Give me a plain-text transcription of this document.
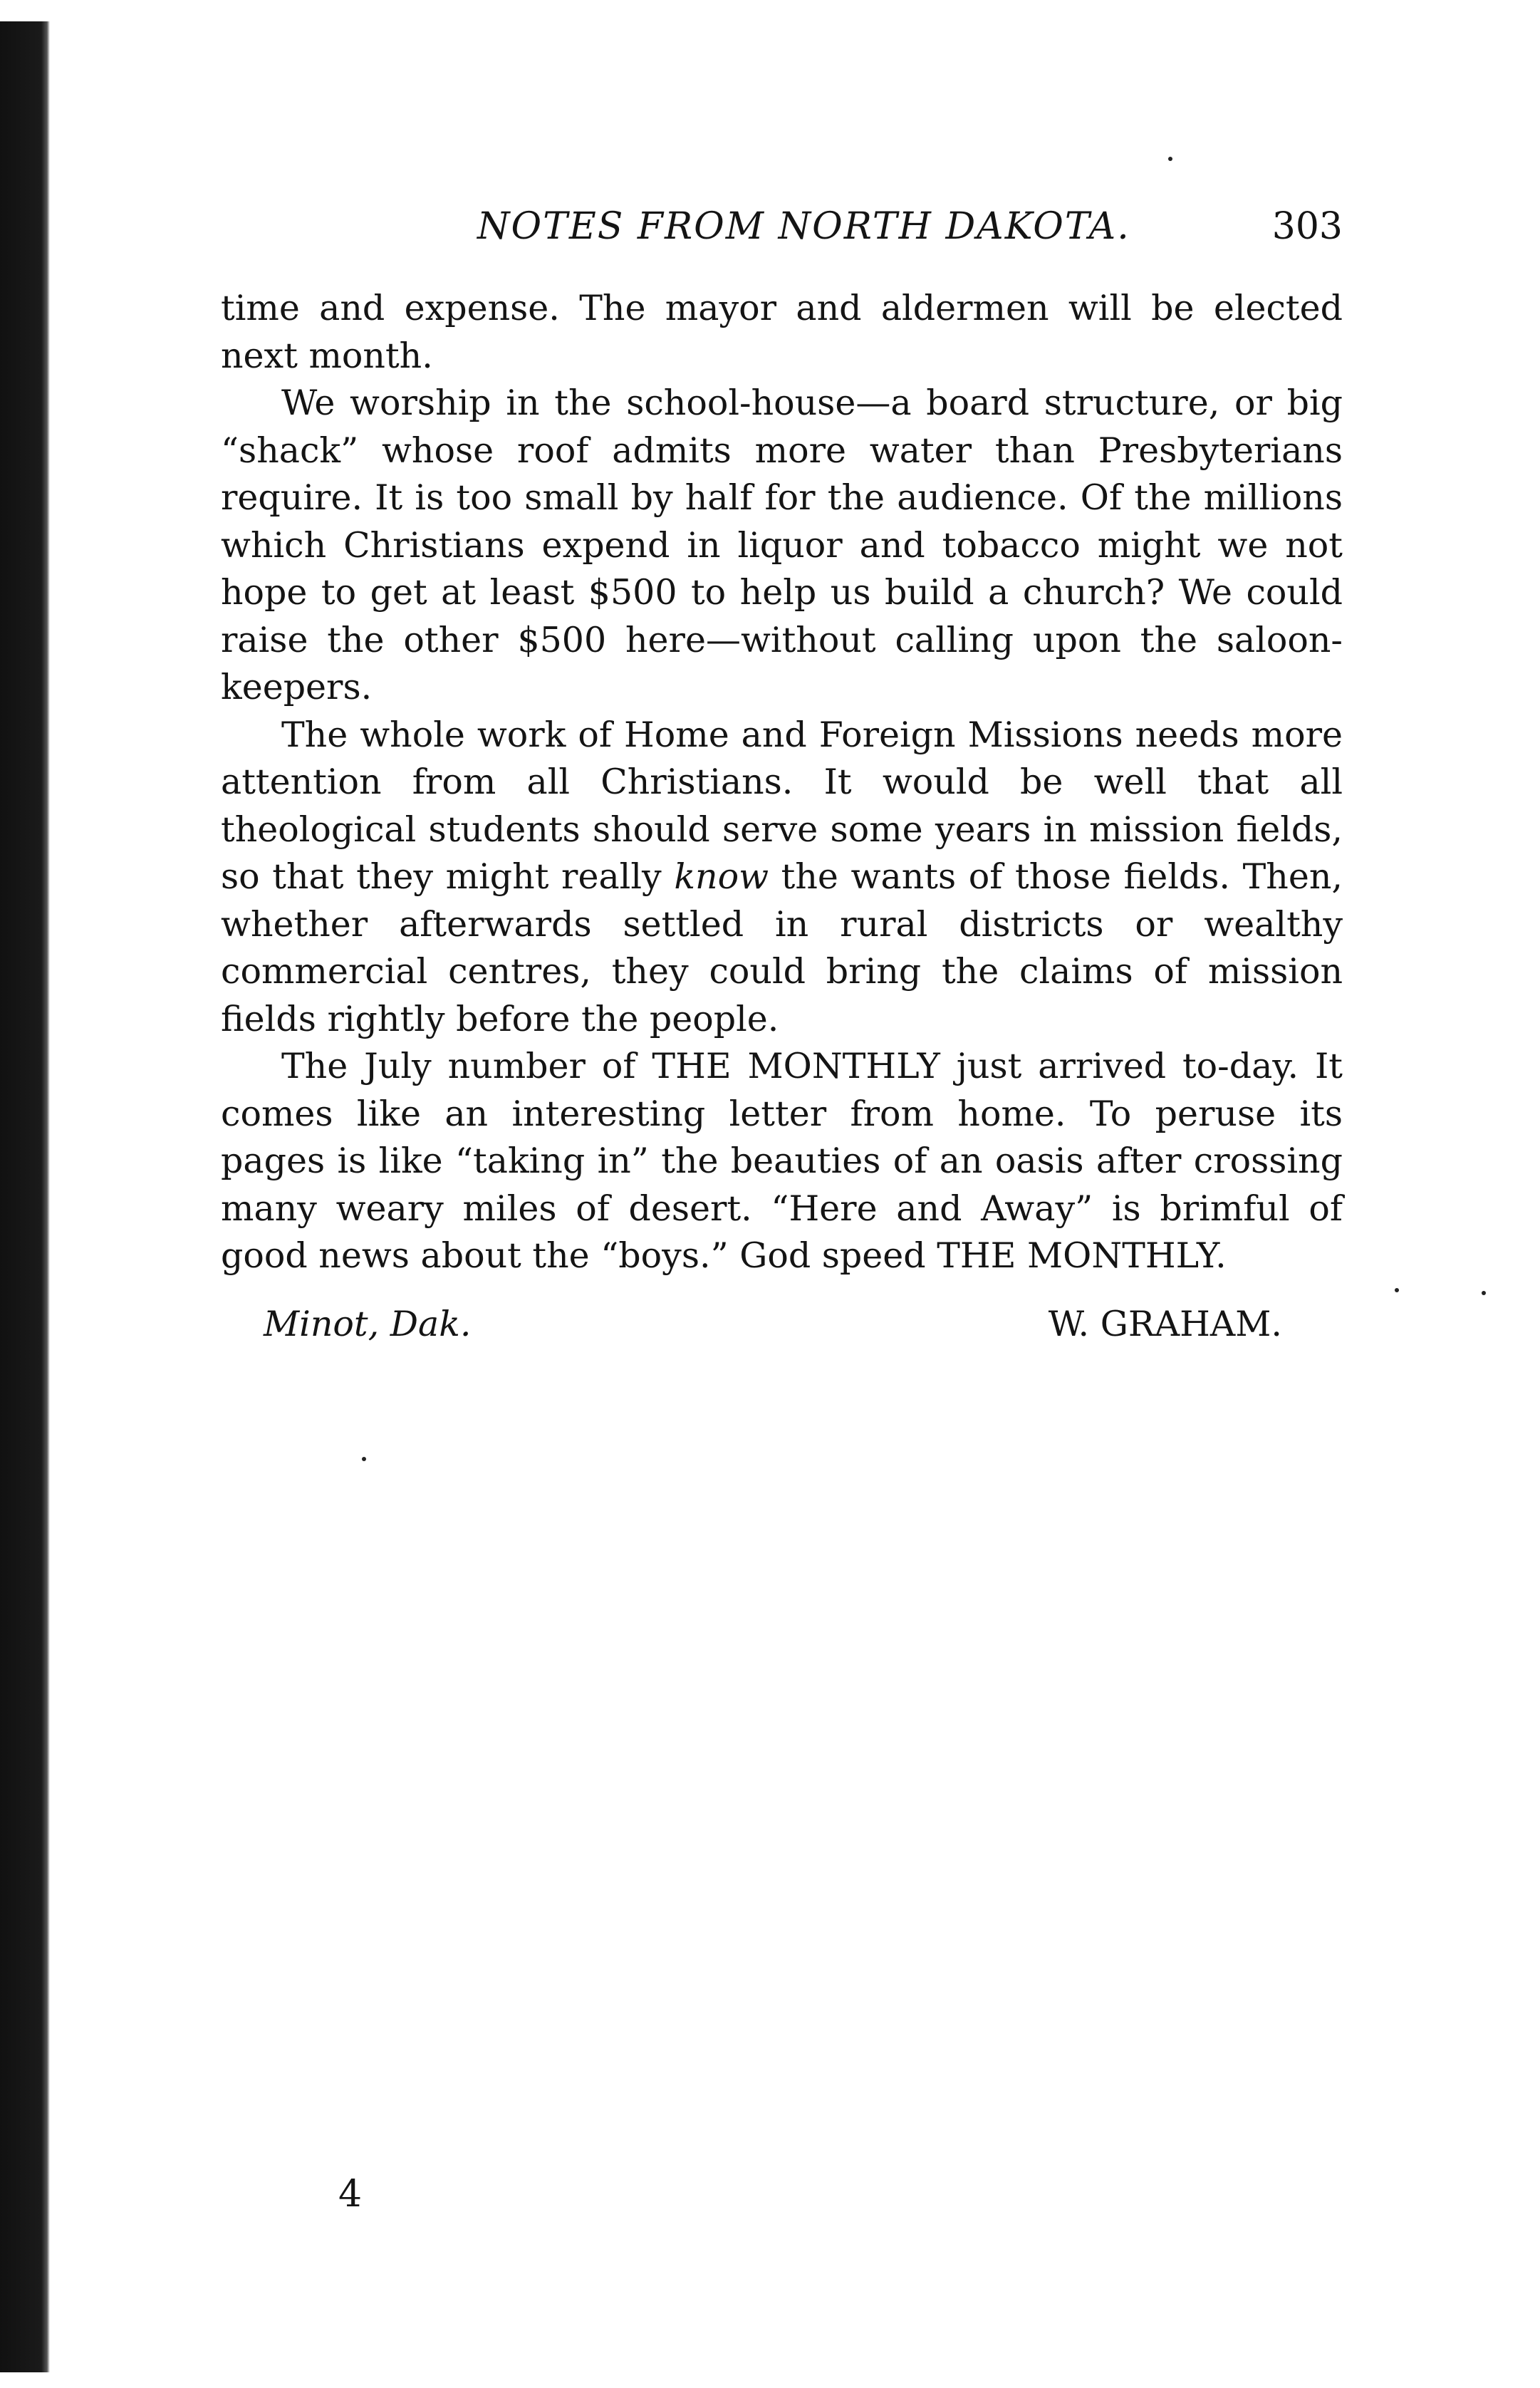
NOTES FROM NORTH DAKOTA.	303

time and expense. The mayor and aldermen will be elected next month.

We worship in the school-house—a board structure, or big “shack” whose roof admits more water than Presbyterians require. It is too small by half for the audience. Of the millions which Christians expend in liquor and tobacco might we not hope to get at least $500 to help us build a church? We could raise the other $500 here—without calling upon the saloon-keepers.

The whole work of Home and Foreign Missions needs more attention from all Christians. It would be well that all theological students should serve some years in mission fields, so that they might really know the wants of those fields. Then, whether afterwards settled in rural districts or wealthy commercial centres, they could bring the claims of mission fields rightly before the people.

The July number of THE MONTHLY just arrived to-day. It comes like an interesting letter from home. To peruse its pages is like “taking in” the beauties of an oasis after crossing many weary miles of desert. “Here and Away” is brimful of good news about the “boys.” God speed THE MONTHLY.

Minot, Dak.	W. GRAHAM.
4
